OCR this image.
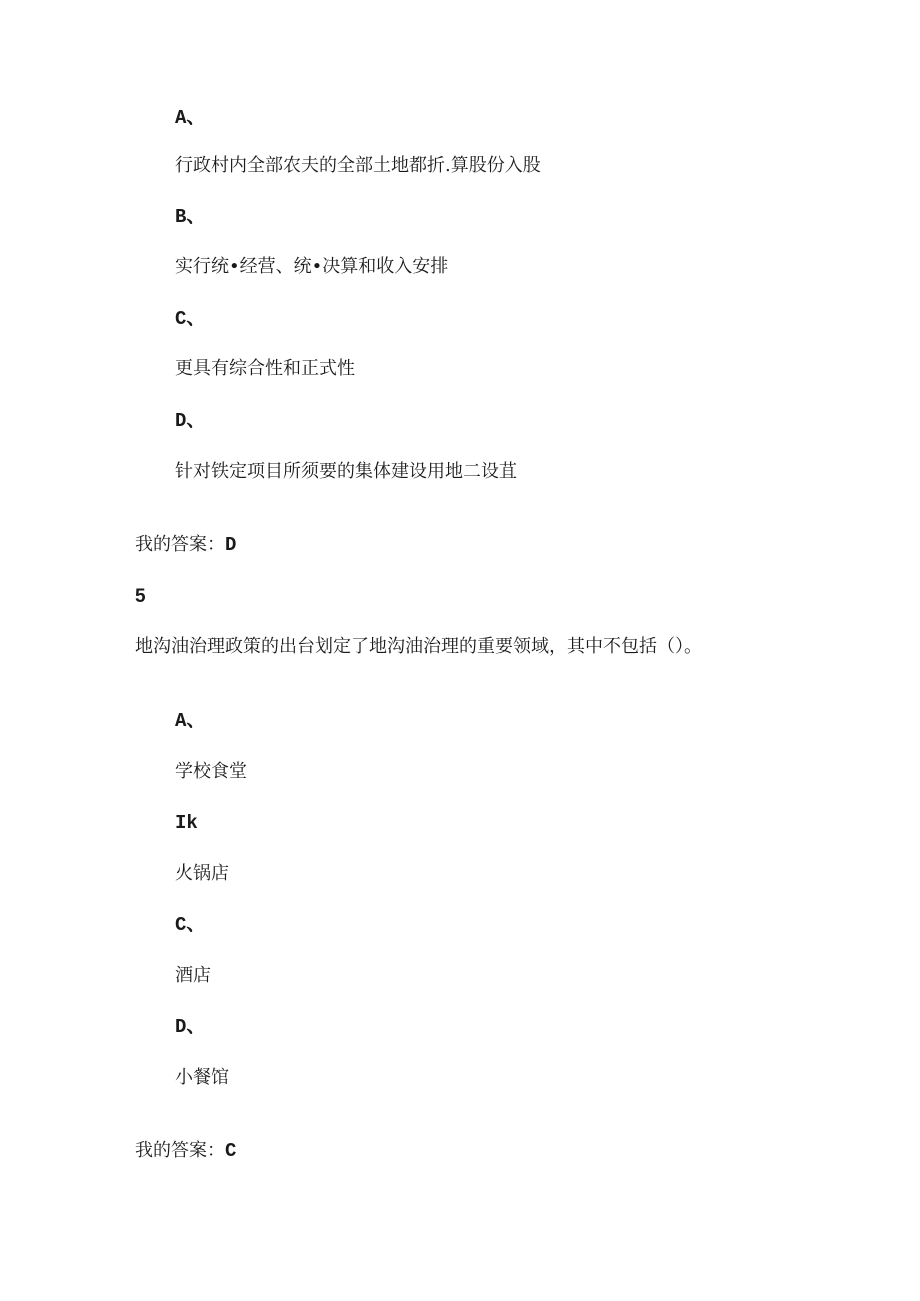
A、
行政村内全部农夫的全部土地都折.算股份入股
B、
实行统•经营、统•决算和收入安排
C、
更具有综合性和正式性
D、
针对铁定项目所须要的集体建设用地二设苴
我的答案：D
5
地沟油治理政策的出台划定了地沟油治理的重要领域，其中不包括（）。
A、
学校食堂
Ik
火锅店
C、
酒店
D、
小餐馆
我的答案：C
